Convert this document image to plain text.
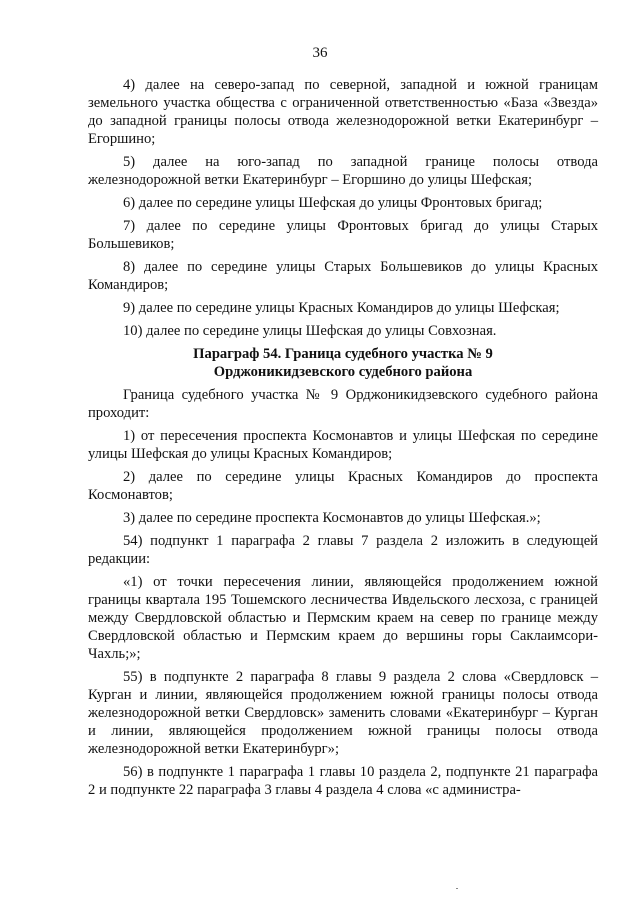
36

4) далее на северо-запад по северной, западной и южной границам земельного участка общества с ограниченной ответственностью «База «Звезда» до западной границы полосы отвода железнодорожной ветки Екатеринбург – Егоршино;

5) далее на юго-запад по западной границе полосы отвода железнодорожной ветки Екатеринбург – Егоршино до улицы Шефская;

6) далее по середине улицы Шефская до улицы Фронтовых бригад;

7) далее по середине улицы Фронтовых бригад до улицы Старых Большевиков;

8) далее по середине улицы Старых Большевиков до улицы Красных Командиров;

9) далее по середине улицы Красных Командиров до улицы Шефская;

10) далее по середине улицы Шефская до улицы Совхозная.

Параграф 54. Граница судебного участка № 9
Орджоникидзевского судебного района

Граница судебного участка № 9 Орджоникидзевского судебного района проходит:

1) от пересечения проспекта Космонавтов и улицы Шефская по середине улицы Шефская до улицы Красных Командиров;

2) далее по середине улицы Красных Командиров до проспекта Космонавтов;

3) далее по середине проспекта Космонавтов до улицы Шефская.»;

54) подпункт 1 параграфа 2 главы 7 раздела 2 изложить в следующей редакции:

«1) от точки пересечения линии, являющейся продолжением южной границы квартала 195 Тошемского лесничества Ивдельского лесхоза, с границей между Свердловской областью и Пермским краем на север по границе между Свердловской областью и Пермским краем до вершины горы Саклаимсори-Чахль;»;

55) в подпункте 2 параграфа 8 главы 9 раздела 2 слова «Свердловск – Курган и линии, являющейся продолжением южной границы полосы отвода железнодорожной ветки Свердловск» заменить словами «Екатеринбург – Курган и линии, являющейся продолжением южной границы полосы отвода железнодорожной ветки Екатеринбург»;

56) в подпункте 1 параграфа 1 главы 10 раздела 2, подпункте 21 параграфа 2 и подпункте 22 параграфа 3 главы 4 раздела 4 слова «с администра-
